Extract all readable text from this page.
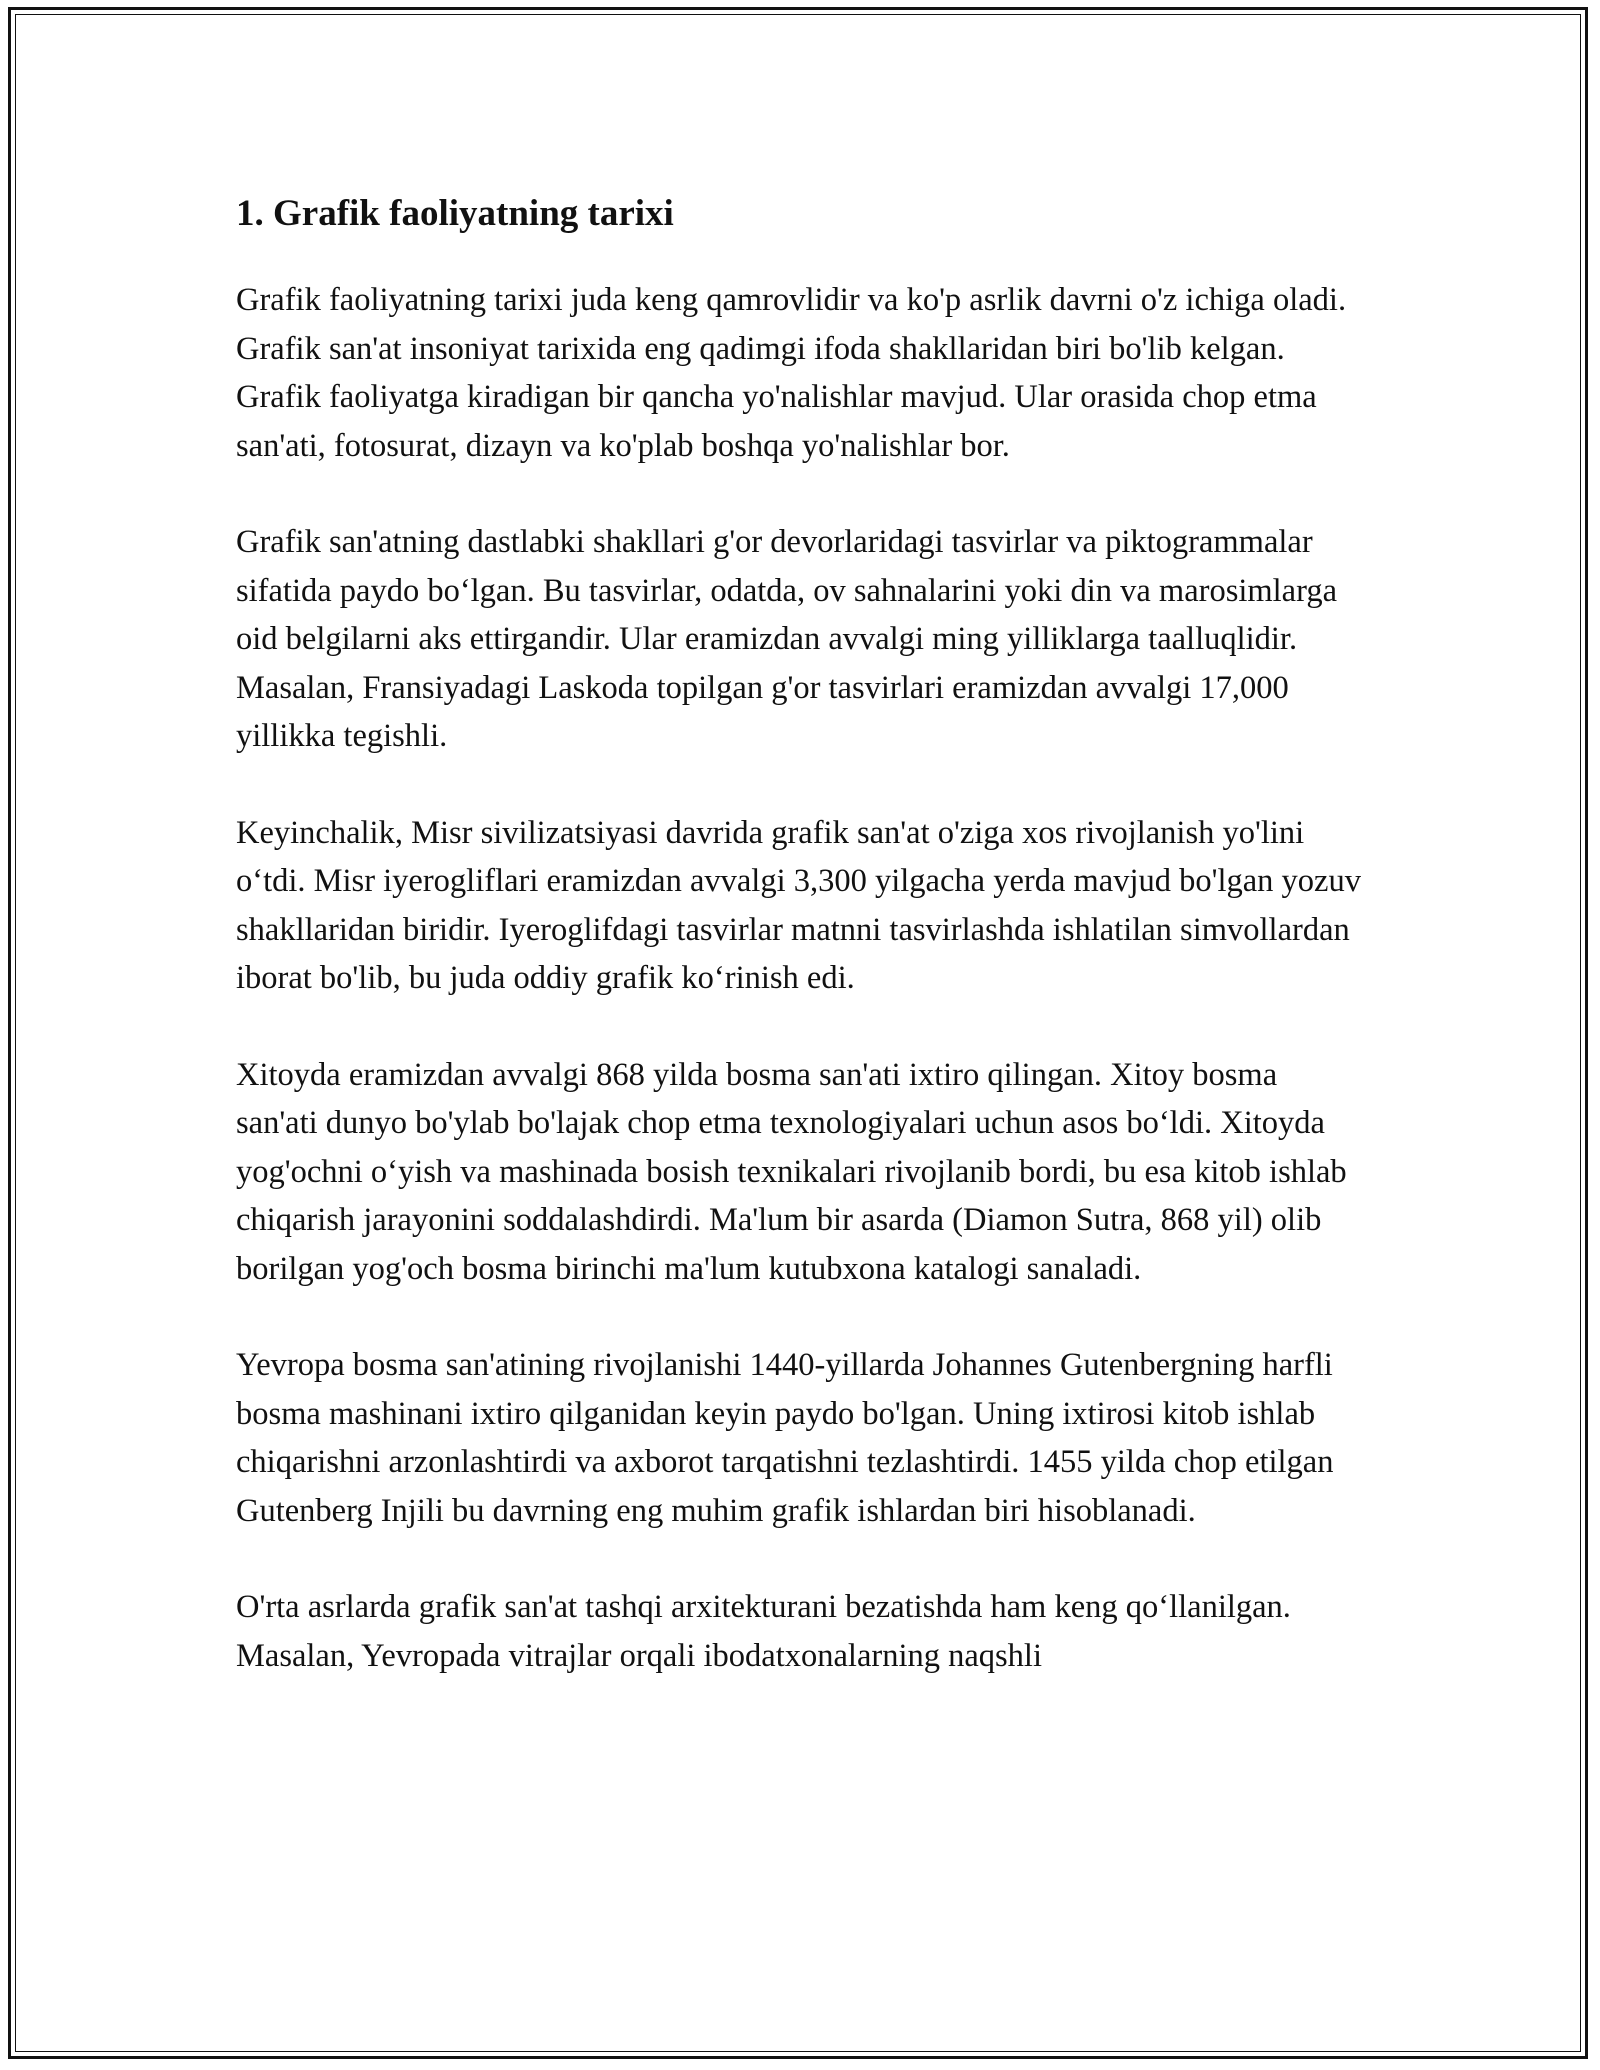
1. Grafik faoliyatning tarixi

Grafik faoliyatning tarixi juda keng qamrovlidir va ko'p asrlik davrni o'z ichiga oladi. Grafik san'at insoniyat tarixida eng qadimgi ifoda shakllaridan biri bo'lib kelgan. Grafik faoliyatga kiradigan bir qancha yo'nalishlar mavjud. Ular orasida chop etma san'ati, fotosurat, dizayn va ko'plab boshqa yo'nalishlar bor.

Grafik san'atning dastlabki shakllari g'or devorlaridagi tasvirlar va piktogrammalar sifatida paydo bo‘lgan. Bu tasvirlar, odatda, ov sahnalarini yoki din va marosimlarga oid belgilarni aks ettirgandir. Ular eramizdan avvalgi ming yilliklarga taalluqlidir. Masalan, Fransiyadagi Laskoda topilgan g'or tasvirlari eramizdan avvalgi 17,000 yillikka tegishli.

Keyinchalik, Misr sivilizatsiyasi davrida grafik san'at o'ziga xos rivojlanish yo'lini o‘tdi. Misr iyerogliflari eramizdan avvalgi 3,300 yilgacha yerda mavjud bo'lgan yozuv shakllaridan biridir. Iyeroglifdagi tasvirlar matnni tasvirlashda ishlatilan simvollardan iborat bo'lib, bu juda oddiy grafik ko‘rinish edi.

Xitoyda eramizdan avvalgi 868 yilda bosma san'ati ixtiro qilingan. Xitoy bosma san'ati dunyo bo'ylab bo'lajak chop etma texnologiyalari uchun asos bo‘ldi. Xitoyda yog'ochni o‘yish va mashinada bosish texnikalari rivojlanib bordi, bu esa kitob ishlab chiqarish jarayonini soddalashdirdi. Ma'lum bir asarda (Diamon Sutra, 868 yil) olib borilgan yog'och bosma birinchi ma'lum kutubxona katalogi sanaladi.

Yevropa bosma san'atining rivojlanishi 1440-yillarda Johannes Gutenbergning harfli bosma mashinani ixtiro qilganidan keyin paydo bo'lgan. Uning ixtirosi kitob ishlab chiqarishni arzonlashtirdi va axborot tarqatishni tezlashtirdi. 1455 yilda chop etilgan Gutenberg Injili bu davrning eng muhim grafik ishlardan biri hisoblanadi.

O'rta asrlarda grafik san'at tashqi arxitekturani bezatishda ham keng qo‘llanilgan. Masalan, Yevropada vitrajlar orqali ibodatxonalarning naqshli
